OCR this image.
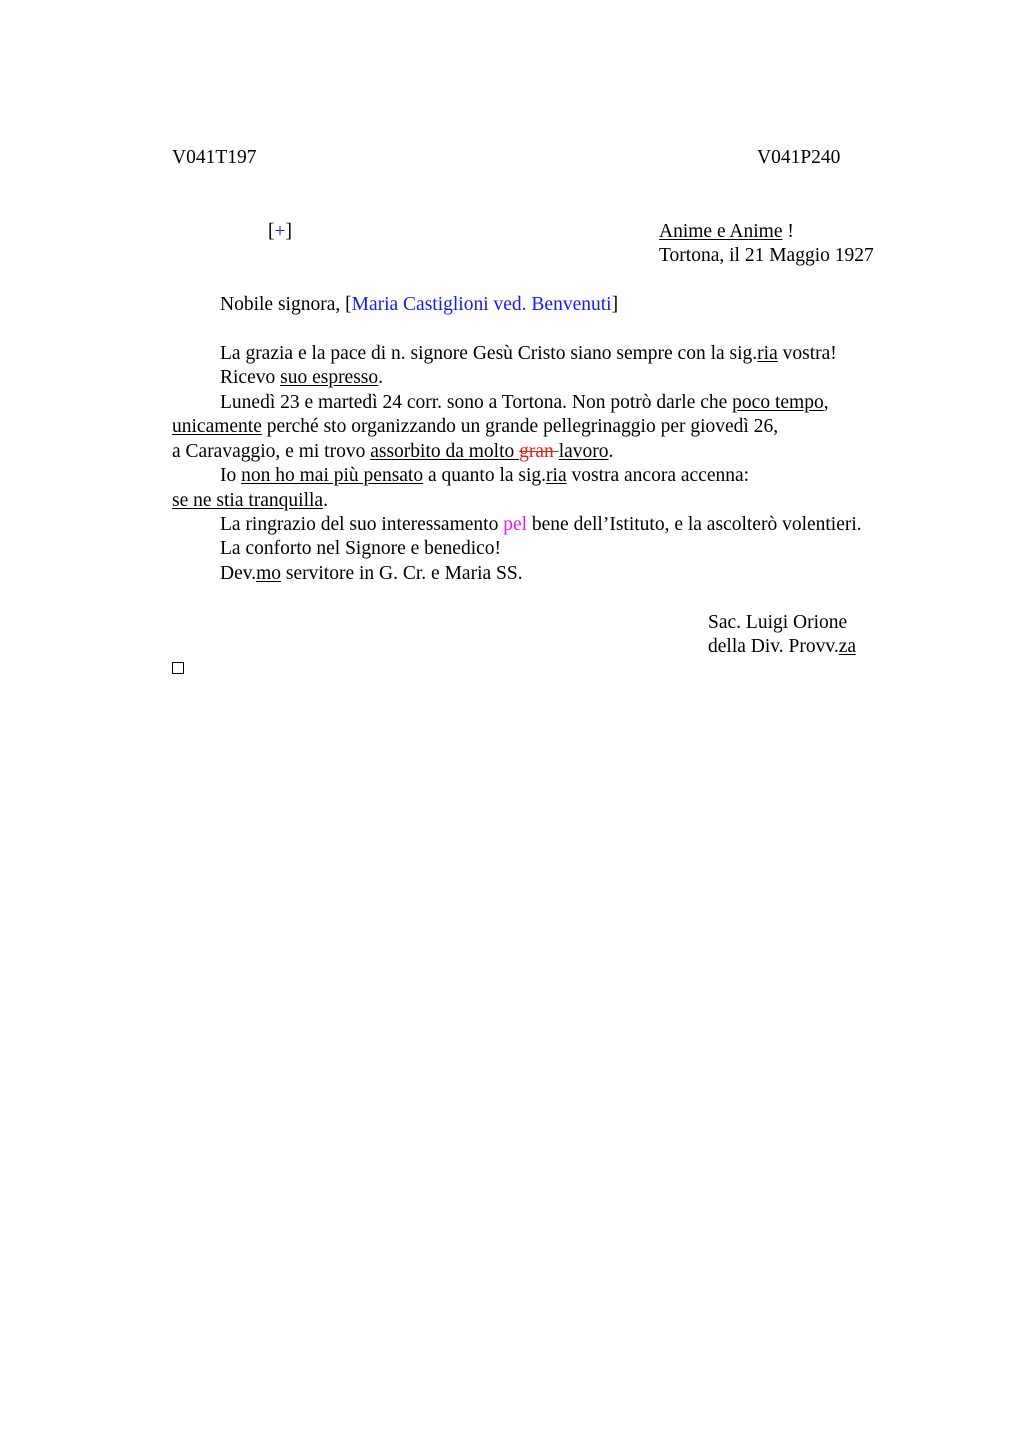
V041T197	V041P240
[+]	Anime e Anime !
Tortona, il 21 Maggio 1927
Nobile signora, [Maria Castiglioni ved. Benvenuti]
La grazia e la pace di n. signore Gesù Cristo siano sempre con la sig.ria vostra!
Ricevo suo espresso.
Lunedì 23 e martedì 24 corr. sono a Tortona. Non potrò darle che poco tempo,
unicamente perché sto organizzando un grande pellegrinaggio per giovedì 26,
a Caravaggio, e mi trovo assorbito da molto gran lavoro.
Io non ho mai più pensato a quanto la sig.ria vostra ancora accenna:
se ne stia tranquilla.
La ringrazio del suo interessamento pel bene dell’Istituto, e la ascolterò volentieri.
La conforto nel Signore e benedico!
Dev.mo servitore in G. Cr. e Maria SS.
Sac. Luigi Orione
della Div. Provv.za
